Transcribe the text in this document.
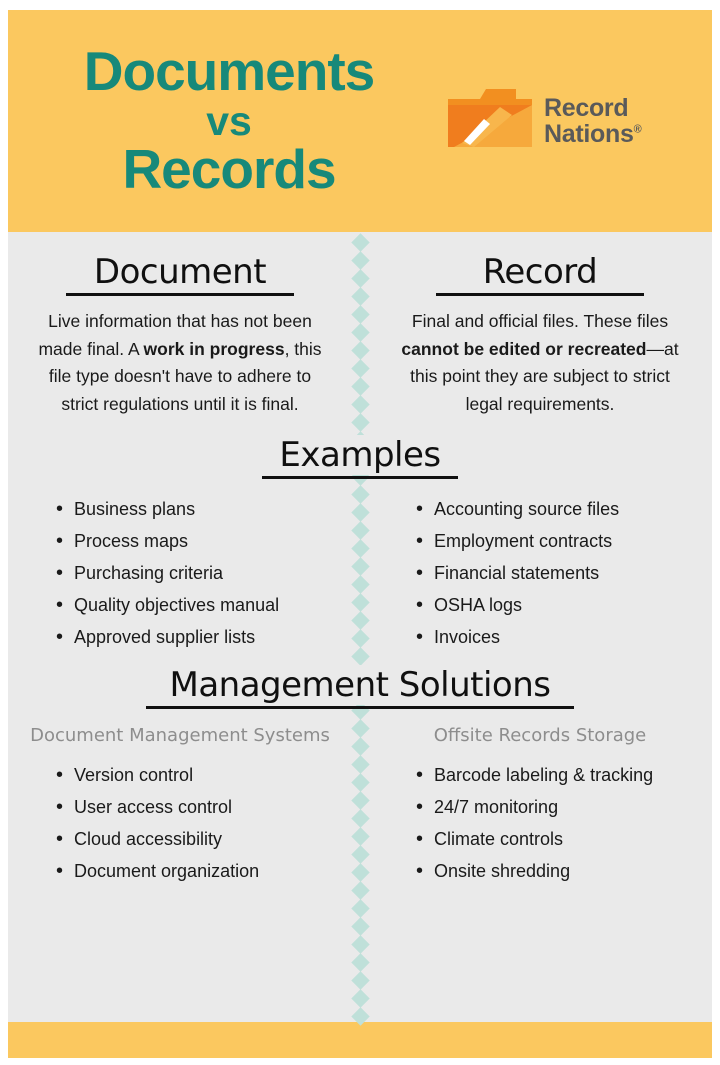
Documents
vs
Records
Record
Nations®
Document

Live information that has not been made final. A work in progress, this file type doesn't have to adhere to strict regulations until it is final.

Record

Final and official files. These files cannot be edited or recreated—at this point they are subject to strict legal requirements.

Examples
• Business plans
• Process maps
• Purchasing criteria
• Quality objectives manual
• Approved supplier lists
• Accounting source files
• Employment contracts
• Financial statements
• OSHA logs
• Invoices
Management Solutions
Document Management Systems
• Version control
• User access control
• Cloud accessibility
• Document organization
Offsite Records Storage
• Barcode labeling & tracking
• 24/7 monitoring
• Climate controls
• Onsite shredding
